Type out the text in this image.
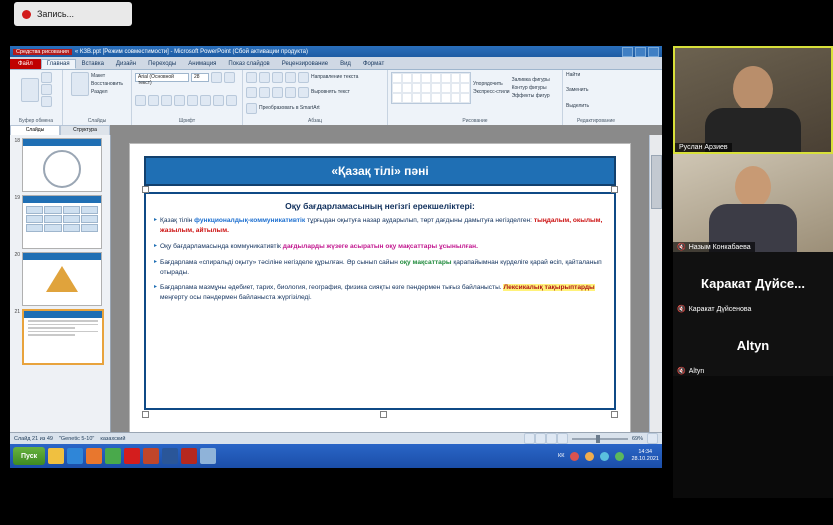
Запись...
Средства рисования	« КЗВ.ppt [Режим совместимости] - Microsoft PowerPoint (Сбой активации продукта)
Файл	Главная	Вставка	Дизайн	Переходы	Анимация	Показ слайдов	Рецензирование	Вид	Формат
Буфер обмена
Макет
Восстановить
Раздел
Слайды
Arial (Основной текст)
28
Шрифт
Направление текста
Выровнять текст
Преобразовать в SmartArt
Абзац
Упорядочить
Экспресс-стили
Заливка фигуры
Контур фигуры
Эффекты фигур
Рисование
Найти
Заменить
Выделить
Редактирование
Слайды	Структура
18
19
20
21
«Қазақ тілі» пәні
Оқу бағдарламасының негізгі ерекшеліктері:
▸ Қазақ тілін функционалдық-коммуникативтік тұрғыдан оқытуға назар аударылып, төрт дағдыны дамытуға негізделген: тыңдалым, окылым, жазылым, айтылым.
▸ Оқу бағдарламасында коммуникативтік дағдыларды жүзеге асыратын оқу мақсаттары ұсынылған.
▸ Бағдарлама «спиральді оқыту» тәсіліне негізделе құрылған. Әр сынып сайын оқу мақсаттары қарапайымнан күрделіге қарай өсіп, қайталанып отырады.
▸ Бағдарлама мазмұны әдебиет, тарих, биология, география, физика сияқты өзге пәндермен тығыз байланысты. Лексикалық тақырыптарды меңгерту осы пәндермен байланыста жүргізіледі.
Слайд 21 из 49 "Genetic 5-10" казахский	69%
Пуск	КК
14:34
28.10.2021
Руслан Арзиев
🔇 Назым Конкабаева
Каракат Дүйсе...
🔇 Каракат Дүйсенова
Altyn
🔇 Altyn
